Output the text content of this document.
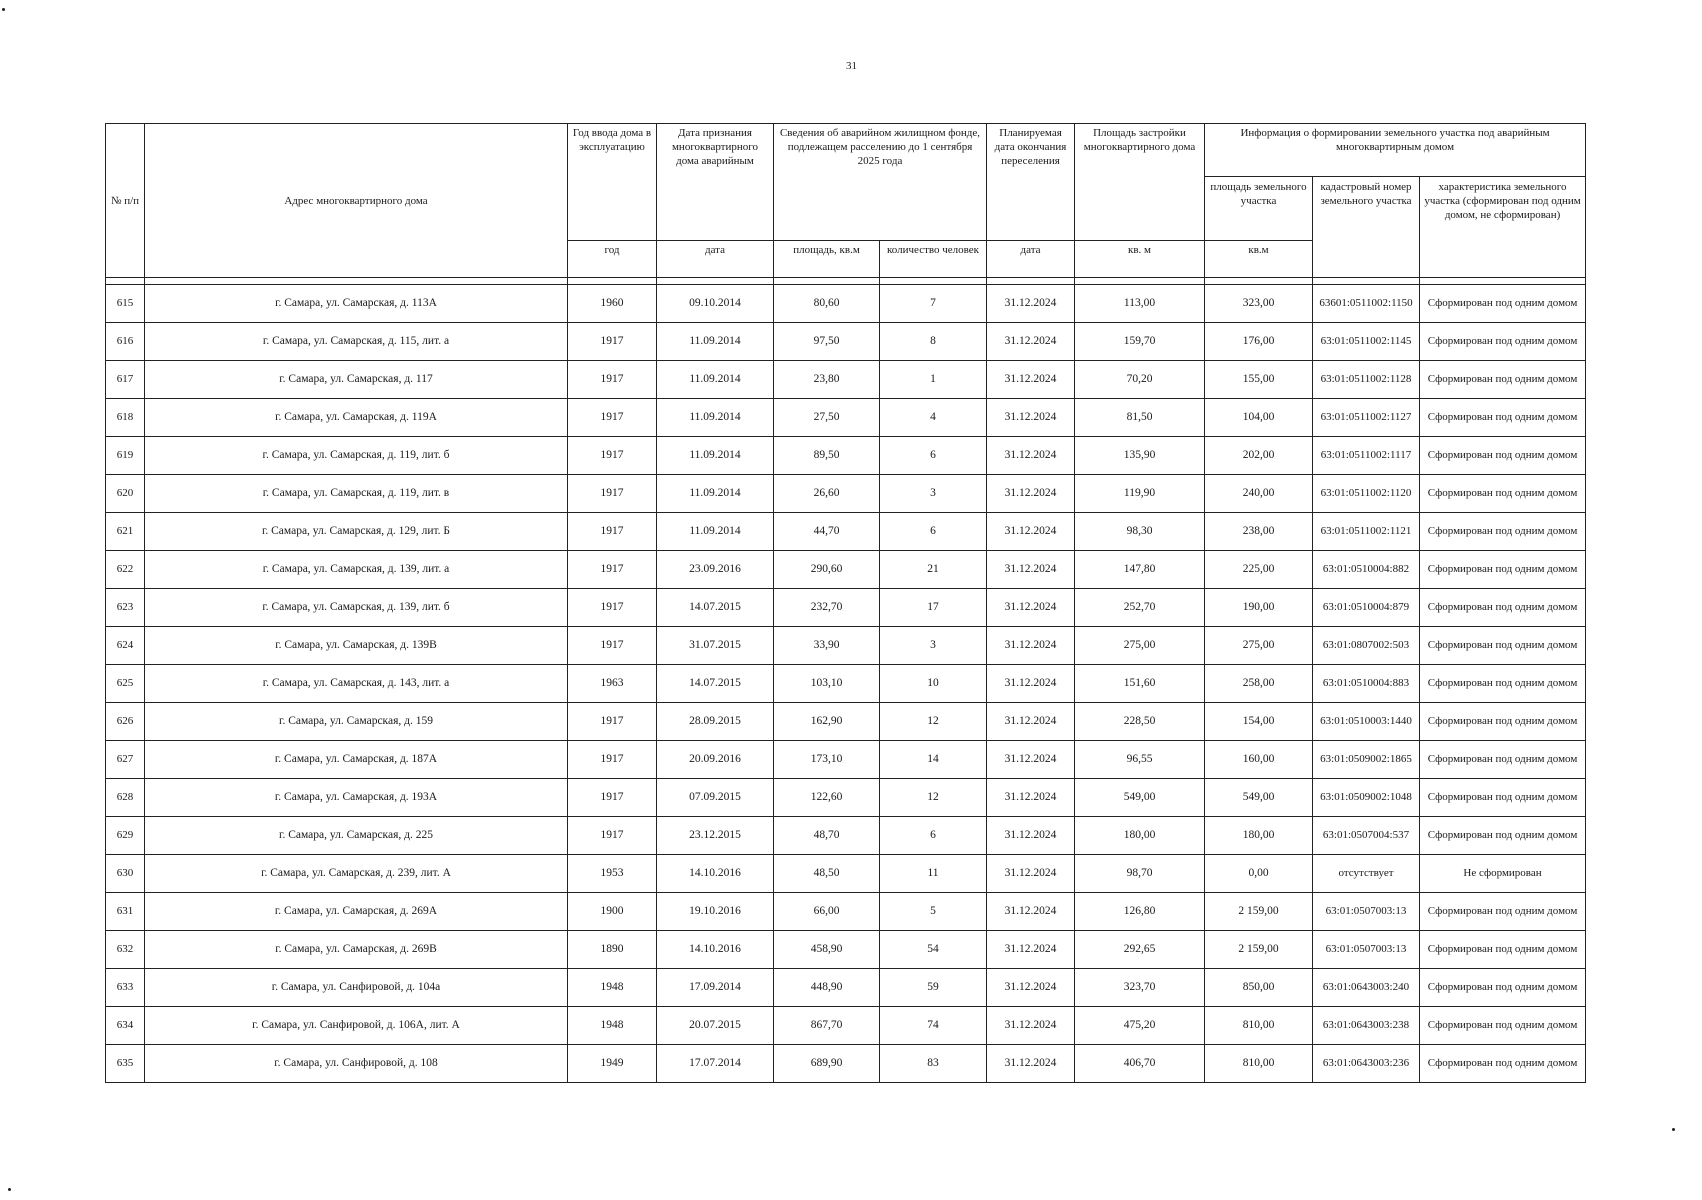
31
№ п/п	Адрес многоквартирного дома	Год ввода дома в эксплуатацию	Дата признания многоквартирного дома аварийным	Сведения об аварийном жилищном фонде, подлежащем расселению до 1 сентября 2025 года		Планируемая дата окончания переселения	Площадь застройки многоквартирного дома	Информация о формировании земельного участка под аварийным многоквартирным домом		
								площадь земельного участка	кадастровый номер земельного участка	характеристика земельного участка (сформирован под одним домом, не сформирован)
		год	дата	площадь, кв.м	количество человек	дата	кв. м	кв.м		

615	г. Самара, ул. Самарская, д. 113А	1960	09.10.2014	80,60	7	31.12.2024	113,00	323,00	63601:0511002:1150	Сформирован под одним домом
616	г. Самара, ул. Самарская, д. 115, лит. а	1917	11.09.2014	97,50	8	31.12.2024	159,70	176,00	63:01:0511002:1145	Сформирован под одним домом
617	г. Самара, ул. Самарская, д. 117	1917	11.09.2014	23,80	1	31.12.2024	70,20	155,00	63:01:0511002:1128	Сформирован под одним домом
618	г. Самара, ул. Самарская, д. 119А	1917	11.09.2014	27,50	4	31.12.2024	81,50	104,00	63:01:0511002:1127	Сформирован под одним домом
619	г. Самара, ул. Самарская, д. 119, лит. б	1917	11.09.2014	89,50	6	31.12.2024	135,90	202,00	63:01:0511002:1117	Сформирован под одним домом
620	г. Самара, ул. Самарская, д. 119, лит. в	1917	11.09.2014	26,60	3	31.12.2024	119,90	240,00	63:01:0511002:1120	Сформирован под одним домом
621	г. Самара, ул. Самарская, д. 129, лит. Б	1917	11.09.2014	44,70	6	31.12.2024	98,30	238,00	63:01:0511002:1121	Сформирован под одним домом
622	г. Самара, ул. Самарская, д. 139, лит. а	1917	23.09.2016	290,60	21	31.12.2024	147,80	225,00	63:01:0510004:882	Сформирован под одним домом
623	г. Самара, ул. Самарская, д. 139, лит. б	1917	14.07.2015	232,70	17	31.12.2024	252,70	190,00	63:01:0510004:879	Сформирован под одним домом
624	г. Самара, ул. Самарская, д. 139В	1917	31.07.2015	33,90	3	31.12.2024	275,00	275,00	63:01:0807002:503	Сформирован под одним домом
625	г. Самара, ул. Самарская, д. 143, лит. а	1963	14.07.2015	103,10	10	31.12.2024	151,60	258,00	63:01:0510004:883	Сформирован под одним домом
626	г. Самара, ул. Самарская, д. 159	1917	28.09.2015	162,90	12	31.12.2024	228,50	154,00	63:01:0510003:1440	Сформирован под одним домом
627	г. Самара, ул. Самарская, д. 187А	1917	20.09.2016	173,10	14	31.12.2024	96,55	160,00	63:01:0509002:1865	Сформирован под одним домом
628	г. Самара, ул. Самарская, д. 193А	1917	07.09.2015	122,60	12	31.12.2024	549,00	549,00	63:01:0509002:1048	Сформирован под одним домом
629	г. Самара, ул. Самарская, д. 225	1917	23.12.2015	48,70	6	31.12.2024	180,00	180,00	63:01:0507004:537	Сформирован под одним домом
630	г. Самара, ул. Самарская, д. 239, лит. А	1953	14.10.2016	48,50	11	31.12.2024	98,70	0,00	отсутствует	Не сформирован
631	г. Самара, ул. Самарская, д. 269А	1900	19.10.2016	66,00	5	31.12.2024	126,80	2 159,00	63:01:0507003:13	Сформирован под одним домом
632	г. Самара, ул. Самарская, д. 269В	1890	14.10.2016	458,90	54	31.12.2024	292,65	2 159,00	63:01:0507003:13	Сформирован под одним домом
633	г. Самара, ул. Санфировой, д. 104а	1948	17.09.2014	448,90	59	31.12.2024	323,70	850,00	63:01:0643003:240	Сформирован под одним домом
634	г. Самара, ул. Санфировой, д. 106А, лит. А	1948	20.07.2015	867,70	74	31.12.2024	475,20	810,00	63:01:0643003:238	Сформирован под одним домом
635	г. Самара, ул. Санфировой, д. 108	1949	17.07.2014	689,90	83	31.12.2024	406,70	810,00	63:01:0643003:236	Сформирован под одним домом
